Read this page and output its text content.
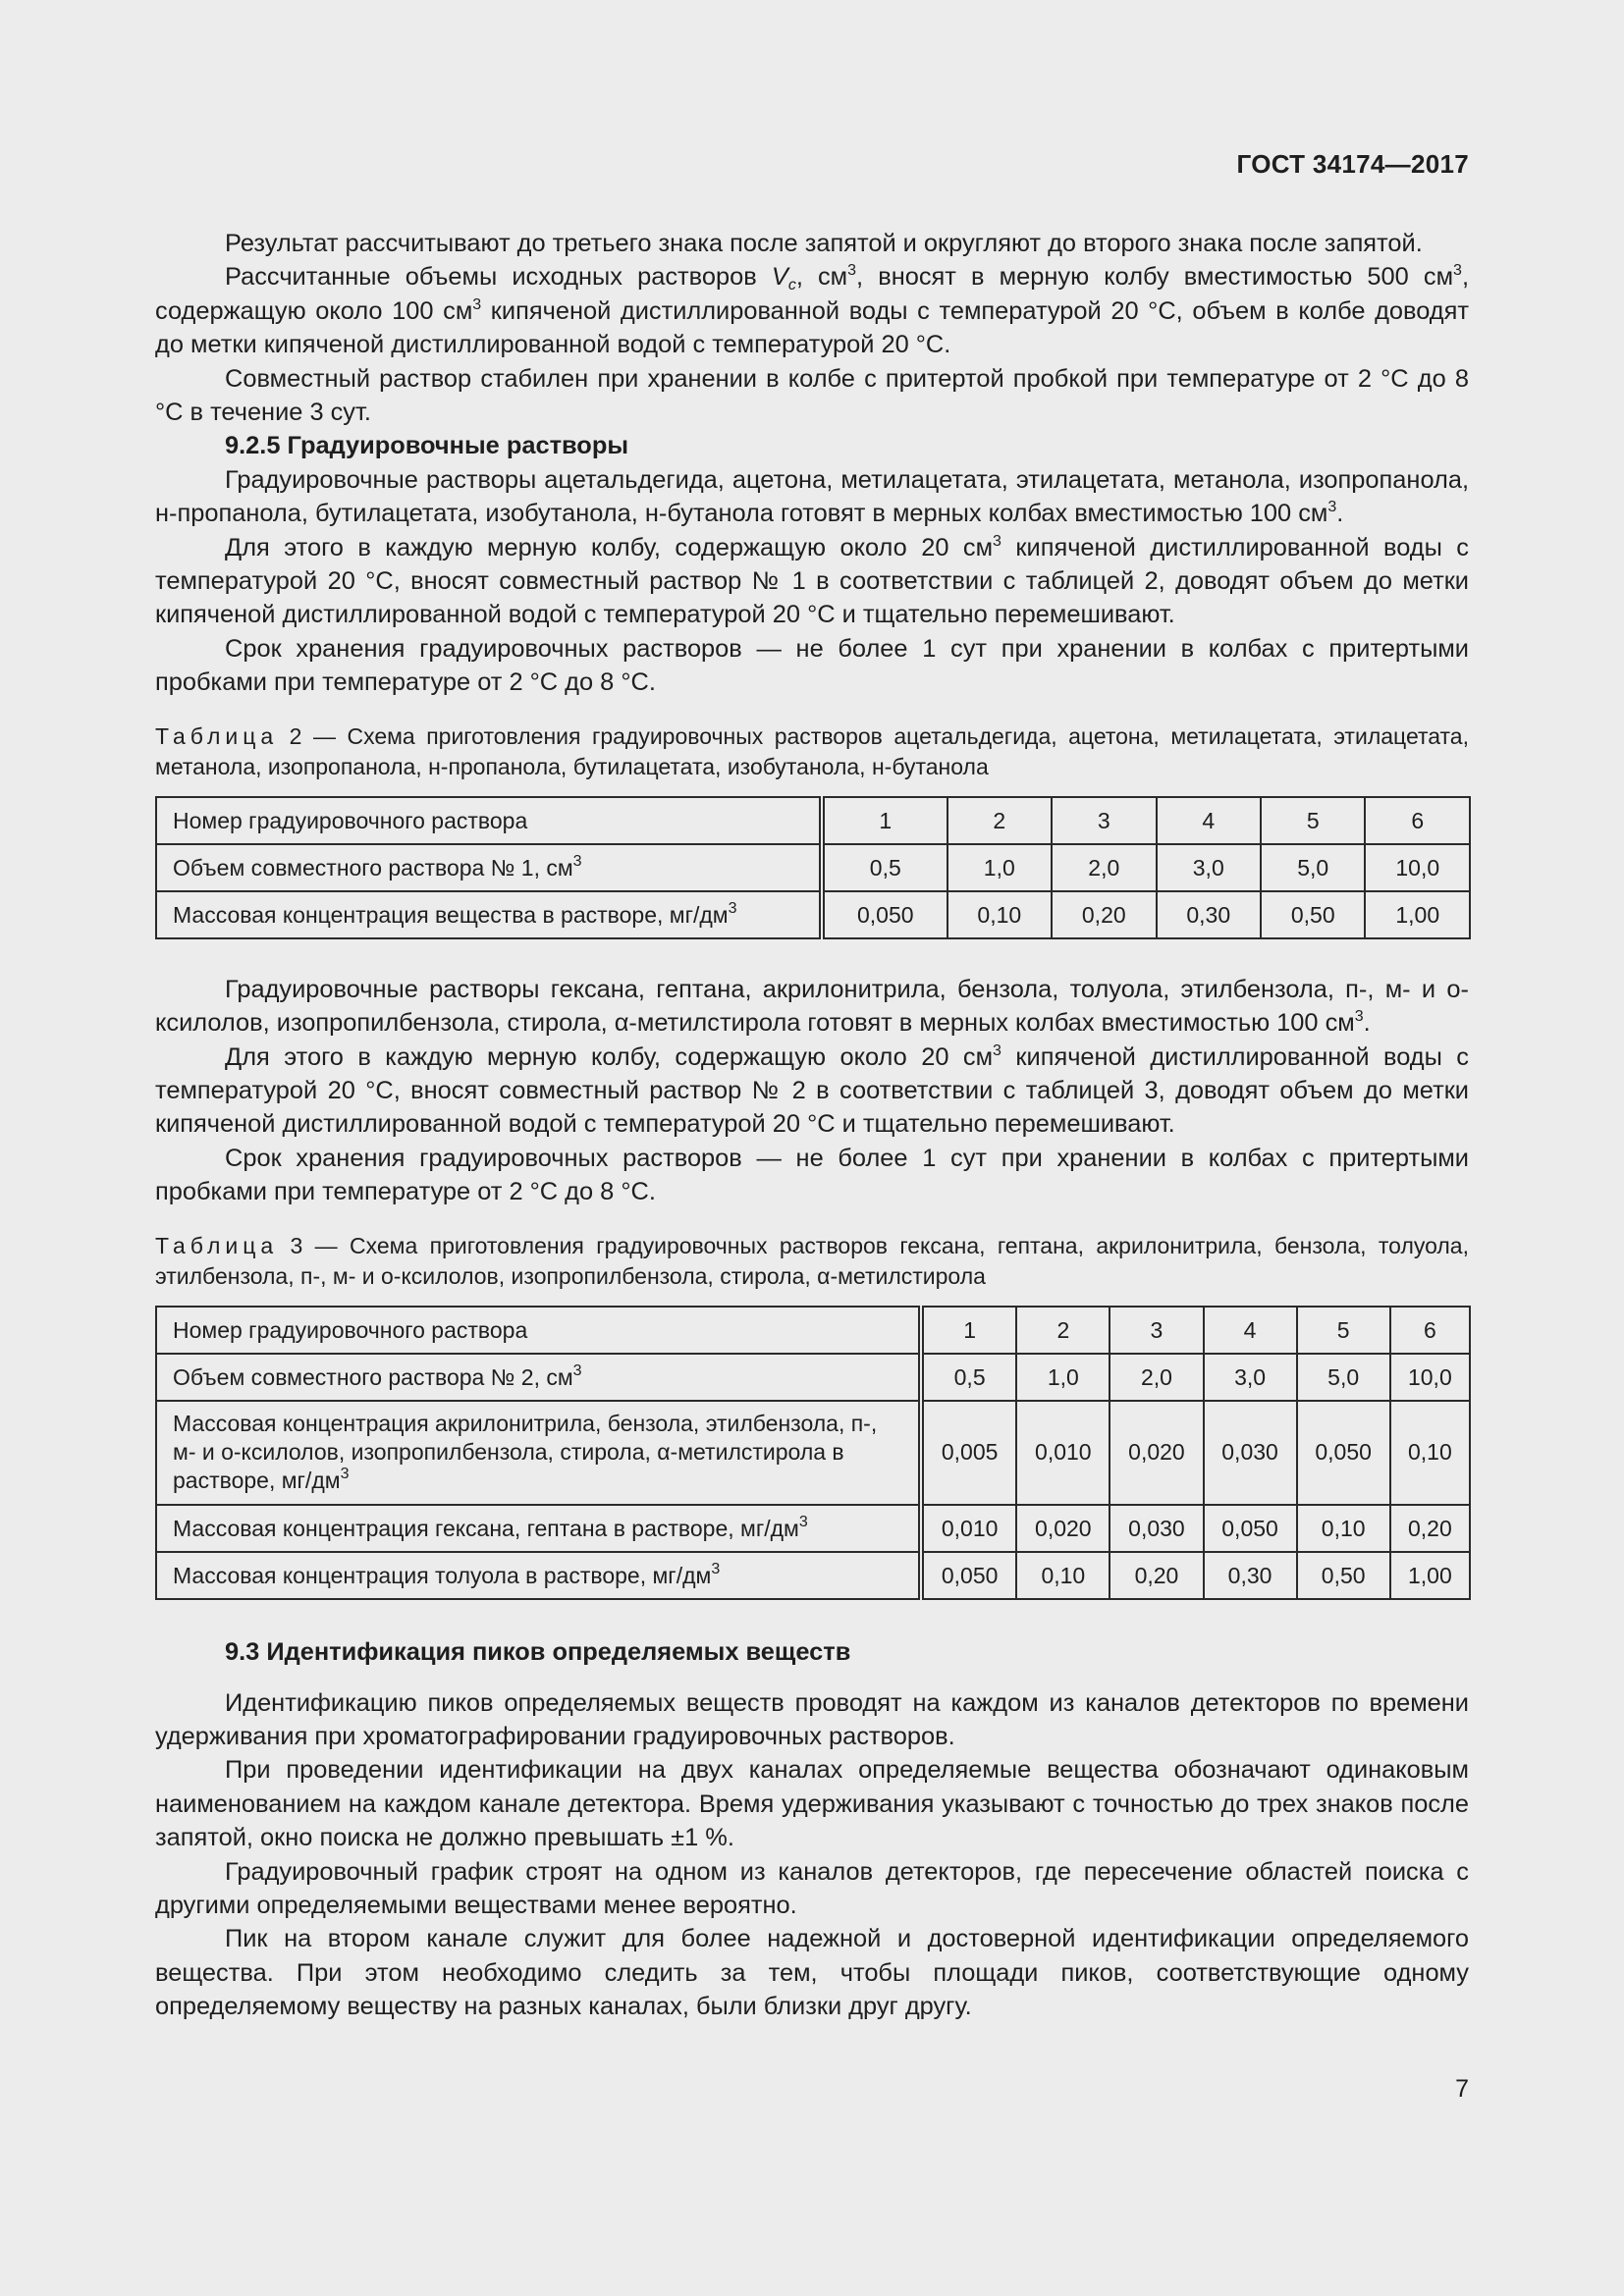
ГОСТ 34174—2017

Результат рассчитывают до третьего знака после запятой и округляют до второго знака после запятой.

Рассчитанные объемы исходных растворов $V_c$, $см^3$, вносят в мерную колбу вместимостью 500 $см^3$, содержащую около 100 $см^3$ кипяченой дистиллированной воды с температурой 20 °С, объем в колбе доводят до метки кипяченой дистиллированной водой с температурой 20 °С.

Совместный раствор стабилен при хранении в колбе с притертой пробкой при температуре от 2 °С до 8 °С в течение 3 сут.

9.2.5 Градуировочные растворы

Градуировочные растворы ацетальдегида, ацетона, метилацетата, этилацетата, метанола, изопропанола, н-пропанола, бутилацетата, изобутанола, н-бутанола готовят в мерных колбах вместимостью 100 $см^3$.

Для этого в каждую мерную колбу, содержащую около 20 $см^3$ кипяченой дистиллированной воды с температурой 20 °С, вносят совместный раствор № 1 в соответствии с таблицей 2, доводят объем до метки кипяченой дистиллированной водой с температурой 20 °С и тщательно перемешивают.

Срок хранения градуировочных растворов — не более 1 сут при хранении в колбах с притертыми пробками при температуре от 2 °С до 8 °С.

Таблица 2 — Схема приготовления градуировочных растворов ацетальдегида, ацетона, метилацетата, этилацетата, метанола, изопропанола, н-пропанола, бутилацетата, изобутанола, н-бутанола

Номер градуировочного раствора	1	2	3	4	5	6
Объем совместного раствора № 1, $см^3$	0,5	1,0	2,0	3,0	5,0	10,0
Массовая концентрация вещества в растворе, $мг/дм^3$	0,050	0,10	0,20	0,30	0,50	1,00

Градуировочные растворы гексана, гептана, акрилонитрила, бензола, толуола, этилбензола, п-, м- и о-ксилолов, изопропилбензола, стирола, α-метилстирола готовят в мерных колбах вместимостью 100 $см^3$.

Для этого в каждую мерную колбу, содержащую около 20 $см^3$ кипяченой дистиллированной воды с температурой 20 °С, вносят совместный раствор № 2 в соответствии с таблицей 3, доводят объем до метки кипяченой дистиллированной водой с температурой 20 °С и тщательно перемешивают.

Срок хранения градуировочных растворов — не более 1 сут при хранении в колбах с притертыми пробками при температуре от 2 °С до 8 °С.

Таблица 3 — Схема приготовления градуировочных растворов гексана, гептана, акрилонитрила, бензола, толуола, этилбензола, п-, м- и о-ксилолов, изопропилбензола, стирола, α-метилстирола

Номер градуировочного раствора	1	2	3	4	5	6
Объем совместного раствора № 2, $см^3$	0,5	1,0	2,0	3,0	5,0	10,0
Массовая концентрация акрилонитрила, бензола, этилбензола, п-, м- и о-ксилолов, изопропилбензола, стирола, α-метилстирола в растворе, $мг/дм^3$	0,005	0,010	0,020	0,030	0,050	0,10
Массовая концентрация гексана, гептана в растворе, $мг/дм^3$	0,010	0,020	0,030	0,050	0,10	0,20
Массовая концентрация толуола в растворе, $мг/дм^3$	0,050	0,10	0,20	0,30	0,50	1,00

9.3 Идентификация пиков определяемых веществ

Идентификацию пиков определяемых веществ проводят на каждом из каналов детекторов по времени удерживания при хроматографировании градуировочных растворов.

При проведении идентификации на двух каналах определяемые вещества обозначают одинаковым наименованием на каждом канале детектора. Время удерживания указывают с точностью до трех знаков после запятой, окно поиска не должно превышать ±1 %.

Градуировочный график строят на одном из каналов детекторов, где пересечение областей поиска с другими определяемыми веществами менее вероятно.

Пик на втором канале служит для более надежной и достоверной идентификации определяемого вещества. При этом необходимо следить за тем, чтобы площади пиков, соответствующие одному определяемому веществу на разных каналах, были близки друг другу.

7
